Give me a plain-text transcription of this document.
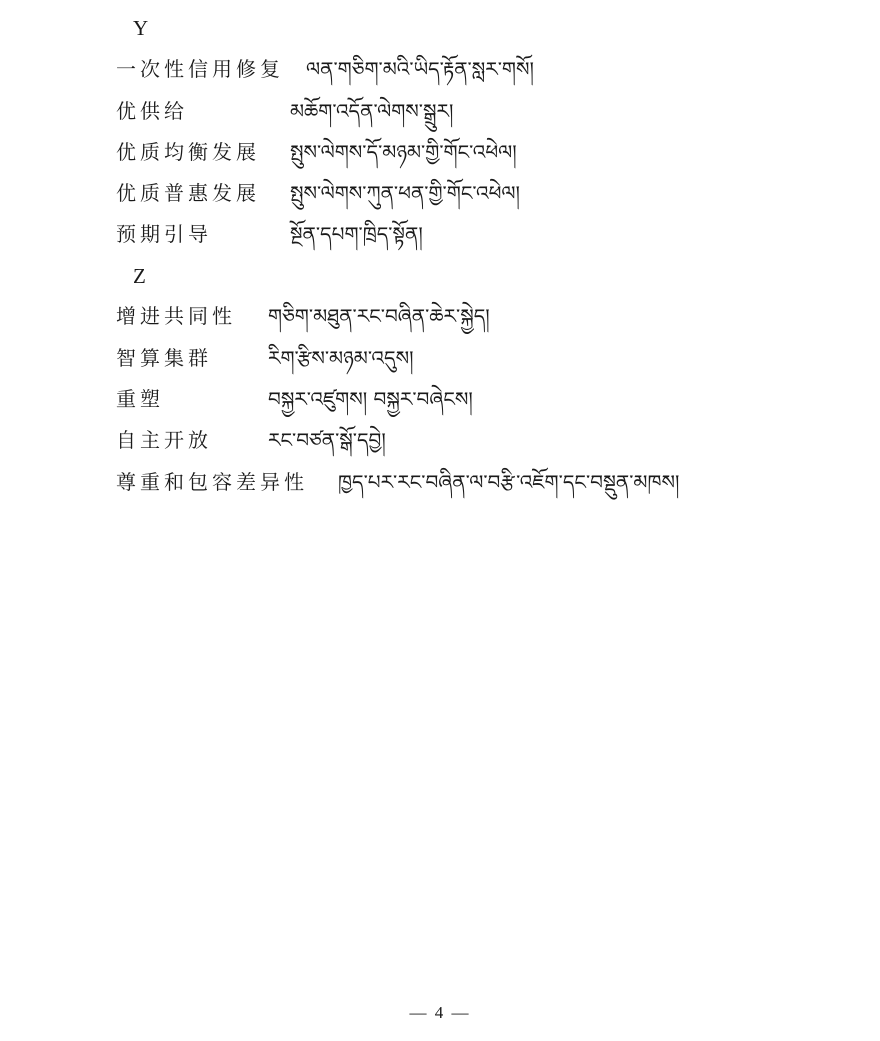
Y
一次性信用修复 ལན་གཅིག་མའི་ཡིད་རྟོན་སླར་གསོ།
优供给	མཆོག་འདོན་ལེགས་སྒྲུར།
优质均衡发展 སྤུས་ལེགས་དོ་མཉམ་གྱི་གོང་འཕེལ།
优质普惠发展 སྤུས་ལེགས་ཀུན་ཕན་གྱི་གོང་འཕེལ།
预期引导	སྔོན་དཔག་ཁྲིད་སྟོན།
Z
增进共同性 གཅིག་མཐུན་རང་བཞིན་ཆེར་སྐྱེད།
智算集群	རིག་རྩིས་མཉམ་འདུས།
重塑	བསྐྱར་འཛུགས། བསྐྱར་བཞེངས།
自主开放	རང་བཙན་སྒོ་དབྱེ།
尊重和包容差异性 ཁྱད་པར་རང་བཞིན་ལ་བརྩི་འཇོག་དང་བསྡུན་མཁས།
— 4 —
